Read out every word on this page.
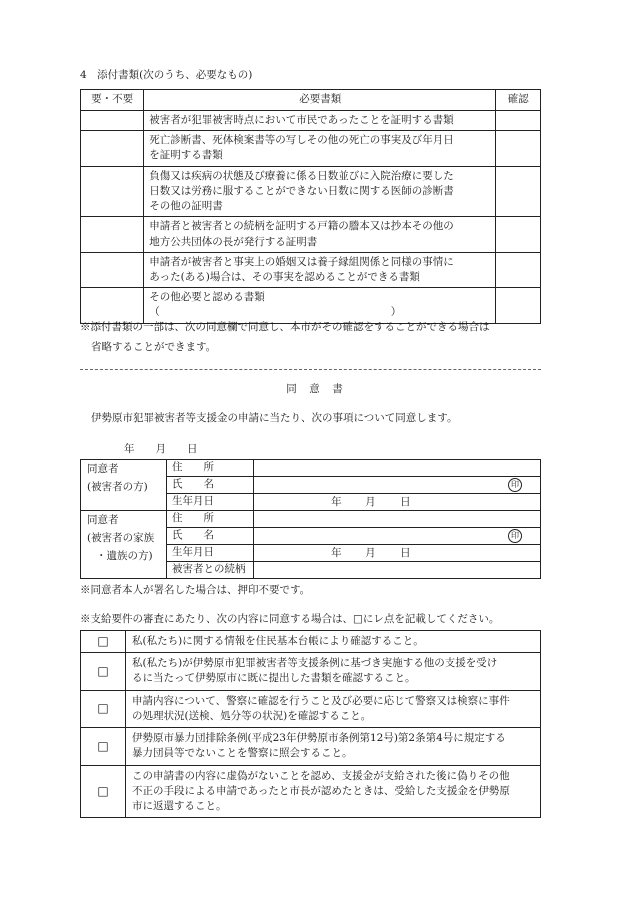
4　添付書類(次のうち、必要なもの)
要・不要	必要書類	確認

	被害者が犯罪被害時点において市民であったことを証明する書類	

	死亡診断書、死体検案書等の写しその他の死亡の事実及び年月日
を証明する書類	

	負傷又は疾病の状態及び療養に係る日数並びに入院治療に要した
日数又は労務に服することができない日数に関する医師の診断書
その他の証明書	

	申請者と被害者との続柄を証明する戸籍の謄本又は抄本その他の
地方公共団体の長が発行する証明書	

	申請者が被害者と事実上の婚姻又は養子縁組関係と同様の事情に
あった(ある)場合は、その事実を認めることができる書類	

	その他必要と認める書類
（　　　　　　　　　　　　　　　　　　　　　　）	

※添付書類の一部は、次の同意欄で同意し、本市がその確認をすることができる場合は
省略することができます。
同　意　書
伊勢原市犯罪被害者等支援金の申請に当たり、次の事項について同意します。
年　　月　　日
同意者
(被害者の方)	住　　所	
	氏　　名	印

	生年月日	年 月 日

同意者
(被害者の家族
・遺族の方)	住　　所	
	氏　　名	印

	生年月日	年 月 日

	被害者との続柄	
※同意者本人が署名した場合は、押印不要です。
※支給要件の審査にあたり、次の内容に同意する場合は、□にレ点を記載してください。
□	私(私たち)に関する情報を住民基本台帳により確認すること。

□	私(私たち)が伊勢原市犯罪被害者等支援条例に基づき実施する他の支援を受け
るに当たって伊勢原市に既に提出した書類を確認すること。

□	申請内容について、警察に確認を行うこと及び必要に応じて警察又は検察に事件
の処理状況(送検、処分等の状況)を確認すること。

□	伊勢原市暴力団排除条例(平成23年伊勢原市条例第12号)第2条第4号に規定する
暴力団員等でないことを警察に照会すること。

□	この申請書の内容に虚偽がないことを認め、支援金が支給された後に偽りその他
不正の手段による申請であったと市長が認めたときは、受給した支援金を伊勢原
市に返還すること。
